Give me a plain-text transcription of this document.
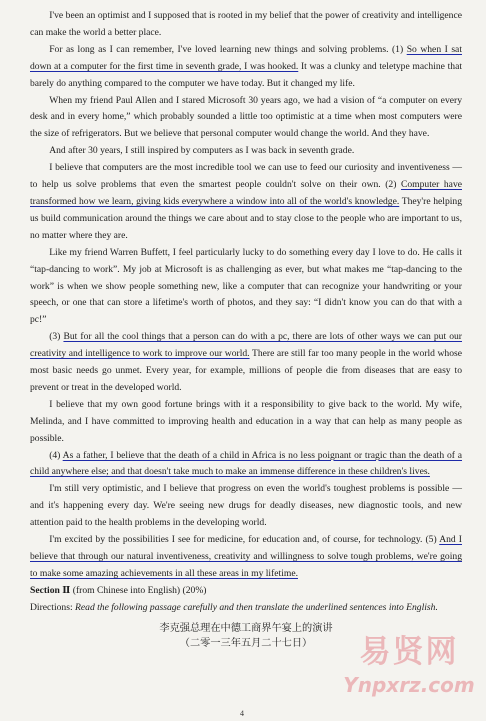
I've been an optimist and I supposed that is rooted in my belief that the power of creativity and intelligence can make the world a better place.

For as long as I can remember, I've loved learning new things and solving problems. (1) So when I sat down at a computer for the first time in seventh grade, I was hooked. It was a clunky and teletype machine that barely do anything compared to the computer we have today. But it changed my life.

When my friend Paul Allen and I stared Microsoft 30 years ago, we had a vision of “a computer on every desk and in every home,” which probably sounded a little too optimistic at a time when most computers were the size of refrigerators. But we believe that personal computer would change the world. And they have.

And after 30 years, I still inspired by computers as I was back in seventh grade.

I believe that computers are the most incredible tool we can use to feed our curiosity and inventiveness — to help us solve problems that even the smartest people couldn't solve on their own. (2) Computer have transformed how we learn, giving kids everywhere a window into all of the world's knowledge. They're helping us build communication around the things we care about and to stay close to the people who are important to us, no matter where they are.

Like my friend Warren Buffett, I feel particularly lucky to do something every day I love to do. He calls it “tap-dancing to work”. My job at Microsoft is as challenging as ever, but what makes me “tap-dancing to the work” is when we show people something new, like a computer that can recognize your handwriting or your speech, or one that can store a lifetime's worth of photos, and they say: “I didn't know you can do that with a pc!”

(3) But for all the cool things that a person can do with a pc, there are lots of other ways we can put our creativity and intelligence to work to improve our world. There are still far too many people in the world whose most basic needs go unmet. Every year, for example, millions of people die from diseases that are easy to prevent or treat in the developed world.

I believe that my own good fortune brings with it a responsibility to give back to the world. My wife, Melinda, and I have committed to improving health and education in a way that can help as many people as possible.

(4) As a father, I believe that the death of a child in Africa is no less poignant or tragic than the death of a child anywhere else; and that doesn't take much to make an immense difference in these children's lives.

I'm still very optimistic, and I believe that progress on even the world's toughest problems is possible — and it's happening every day. We're seeing new drugs for deadly diseases, new diagnostic tools, and new attention paid to the health problems in the developing world.

I'm excited by the possibilities I see for medicine, for education and, of course, for technology. (5) And I believe that through our natural inventiveness, creativity and willingness to solve tough problems, we're going to make some amazing achievements in all these areas in my lifetime.

Section Ⅱ (from Chinese into English) (20%)

Directions: Read the following passage carefully and then translate the underlined sentences into English.

李克强总理在中德工商界午宴上的演讲
（二零一三年五月二十七日）
4
易贤网
Ynpxrz.com
